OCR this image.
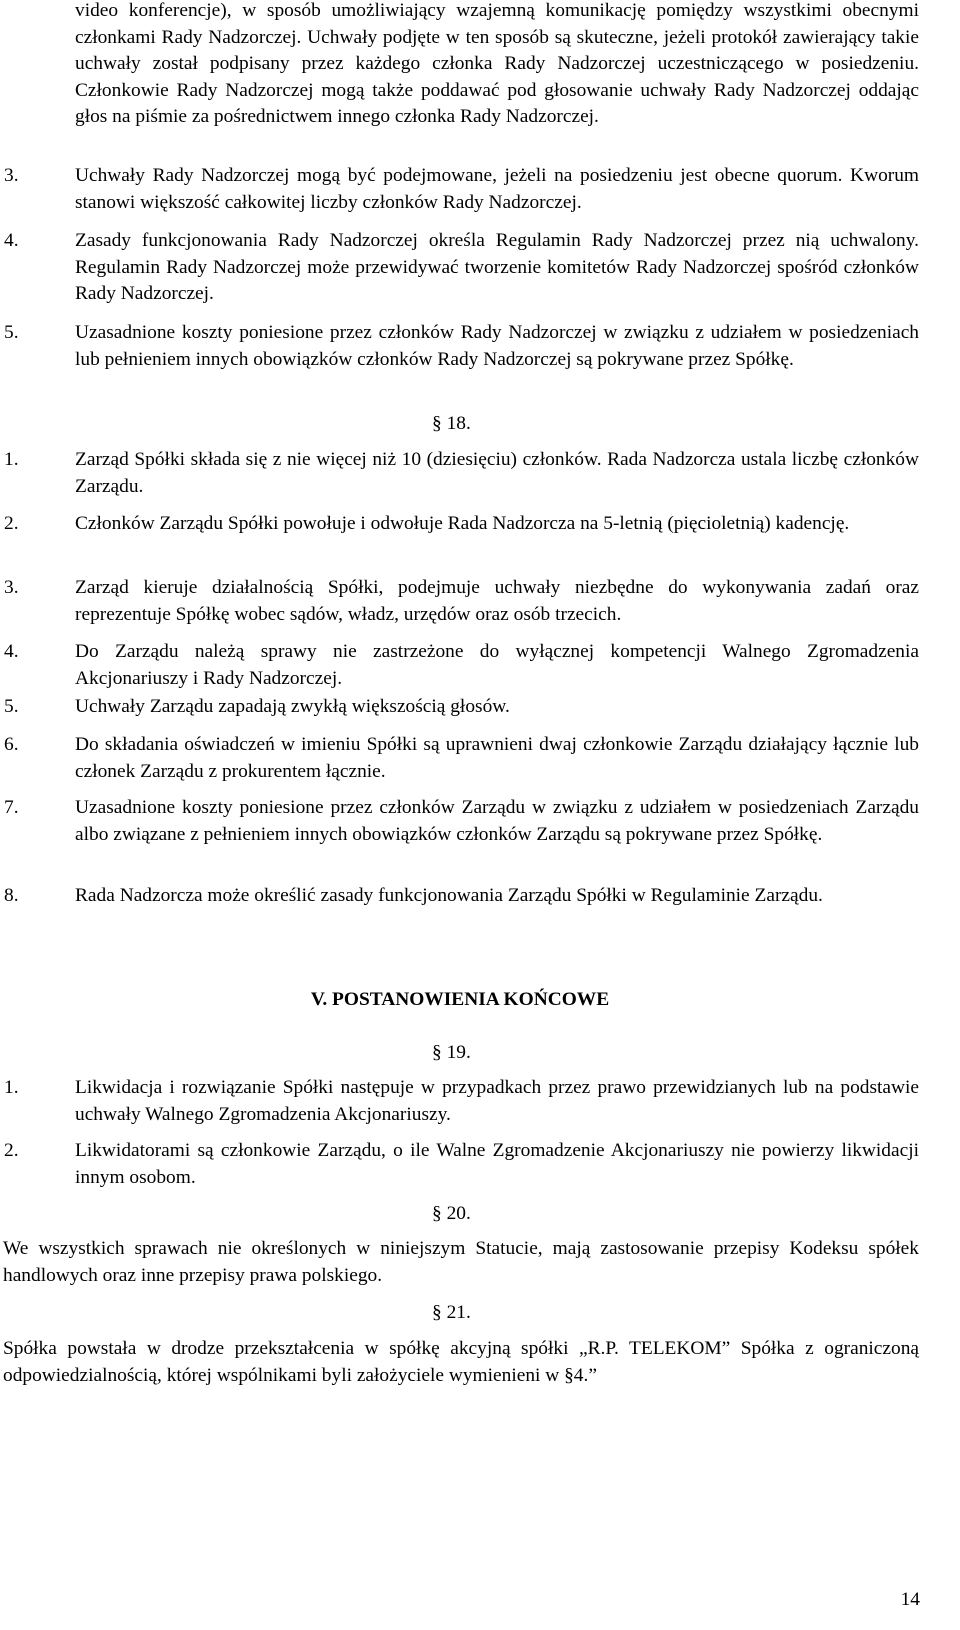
video konferencje), w sposób umożliwiający wzajemną komunikację pomiędzy wszystkimi obecnymi członkami Rady Nadzorczej. Uchwały podjęte w ten sposób są skuteczne, jeżeli protokół zawierający takie uchwały został podpisany przez każdego członka Rady Nadzorczej uczestniczącego w posiedzeniu. Członkowie Rady Nadzorczej mogą także poddawać pod głosowanie uchwały Rady Nadzorczej oddając głos na piśmie za pośrednictwem innego członka Rady Nadzorczej.

3.	Uchwały Rady Nadzorczej mogą być podejmowane, jeżeli na posiedzeniu jest obecne quorum. Kworum stanowi większość całkowitej liczby członków Rady Nadzorczej.

4.	Zasady funkcjonowania Rady Nadzorczej określa Regulamin Rady Nadzorczej przez nią uchwalony. Regulamin Rady Nadzorczej może przewidywać tworzenie komitetów Rady Nadzorczej spośród członków Rady Nadzorczej.

5.	Uzasadnione koszty poniesione przez członków Rady Nadzorczej w związku z udziałem w posiedzeniach lub pełnieniem innych obowiązków członków Rady Nadzorczej są pokrywane przez Spółkę.

§ 18.
1.	Zarząd Spółki składa się z nie więcej niż 10 (dziesięciu) członków. Rada Nadzorcza ustala liczbę członków Zarządu.

2.	Członków Zarządu Spółki powołuje i odwołuje Rada Nadzorcza na 5-letnią (pięcioletnią) kadencję.

3.	Zarząd kieruje działalnością Spółki, podejmuje uchwały niezbędne do wykonywania zadań oraz reprezentuje Spółkę wobec sądów, władz, urzędów oraz osób trzecich.

4.	Do Zarządu należą sprawy nie zastrzeżone do wyłącznej kompetencji Walnego Zgromadzenia Akcjonariuszy i Rady Nadzorczej.

5.	Uchwały Zarządu zapadają zwykłą większością głosów.

6.	Do składania oświadczeń w imieniu Spółki są uprawnieni dwaj członkowie Zarządu działający łącznie lub członek Zarządu z prokurentem łącznie.

7.	Uzasadnione koszty poniesione przez członków Zarządu w związku z udziałem w posiedzeniach Zarządu albo związane z pełnieniem innych obowiązków członków Zarządu są pokrywane przez Spółkę.

8.	Rada Nadzorcza może określić zasady funkcjonowania Zarządu Spółki w Regulaminie Zarządu.

V. POSTANOWIENIA KOŃCOWE
§ 19.
1.	Likwidacja i rozwiązanie Spółki następuje w przypadkach przez prawo przewidzianych lub na podstawie uchwały Walnego Zgromadzenia Akcjonariuszy.

2.	Likwidatorami są członkowie Zarządu, o ile Walne Zgromadzenie Akcjonariuszy nie powierzy likwidacji innym osobom.

§ 20.

We wszystkich sprawach nie określonych w niniejszym Statucie, mają zastosowanie przepisy Kodeksu spółek handlowych oraz inne przepisy prawa polskiego.

§ 21.

Spółka powstała w drodze przekształcenia w spółkę akcyjną spółki „R.P. TELEKOM” Spółka z ograniczoną odpowiedzialnością, której wspólnikami byli założyciele wymienieni w §4.”

14
